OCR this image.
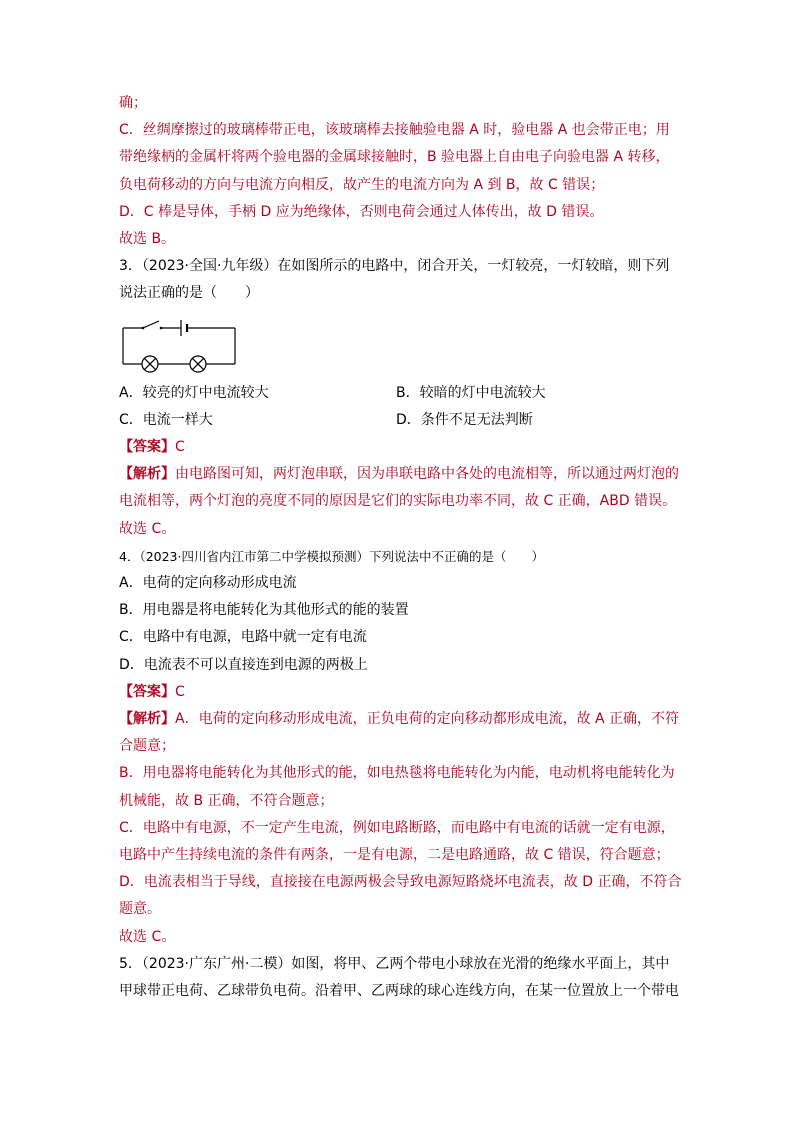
确；
C．丝绸摩擦过的玻璃棒带正电，该玻璃棒去接触验电器 A 时，验电器 A 也会带正电；用
带绝缘柄的金属杆将两个验电器的金属球接触时，B 验电器上自由电子向验电器 A 转移，
负电荷移动的方向与电流方向相反，故产生的电流方向为 A 到 B，故 C 错误；
D．C 棒是导体，手柄 D 应为绝缘体，否则电荷会通过人体传出，故 D 错误。
故选 B。
3．（2023·全国·九年级）在如图所示的电路中，闭合开关，一灯较亮，一灯较暗，则下列
说法正确的是（　　）
A．较亮的灯中电流较大	B．较暗的灯中电流较大
C．电流一样大	D．条件不足无法判断
【答案】C
【解析】由电路图可知，两灯泡串联，因为串联电路中各处的电流相等，所以通过两灯泡的
电流相等，两个灯泡的亮度不同的原因是它们的实际电功率不同，故 C 正确，ABD 错误。
故选 C。
4．（2023·四川省内江市第二中学模拟预测）下列说法中不正确的是（　　）
A．电荷的定向移动形成电流
B．用电器是将电能转化为其他形式的能的装置
C．电路中有电源，电路中就一定有电流
D．电流表不可以直接连到电源的两极上
【答案】C
【解析】A．电荷的定向移动形成电流，正负电荷的定向移动都形成电流，故 A 正确，不符
合题意；
B．用电器将电能转化为其他形式的能，如电热毯将电能转化为内能，电动机将电能转化为
机械能，故 B 正确，不符合题意；
C．电路中有电源，不一定产生电流，例如电路断路，而电路中有电流的话就一定有电源，
电路中产生持续电流的条件有两条，一是有电源，二是电路通路，故 C 错误，符合题意；
D．电流表相当于导线，直接接在电源两极会导致电源短路烧坏电流表，故 D 正确，不符合
题意。
故选 C。
5．（2023·广东广州·二模）如图，将甲、乙两个带电小球放在光滑的绝缘水平面上，其中
甲球带正电荷、乙球带负电荷。沿着甲、乙两球的球心连线方向，在某一位置放上一个带电
